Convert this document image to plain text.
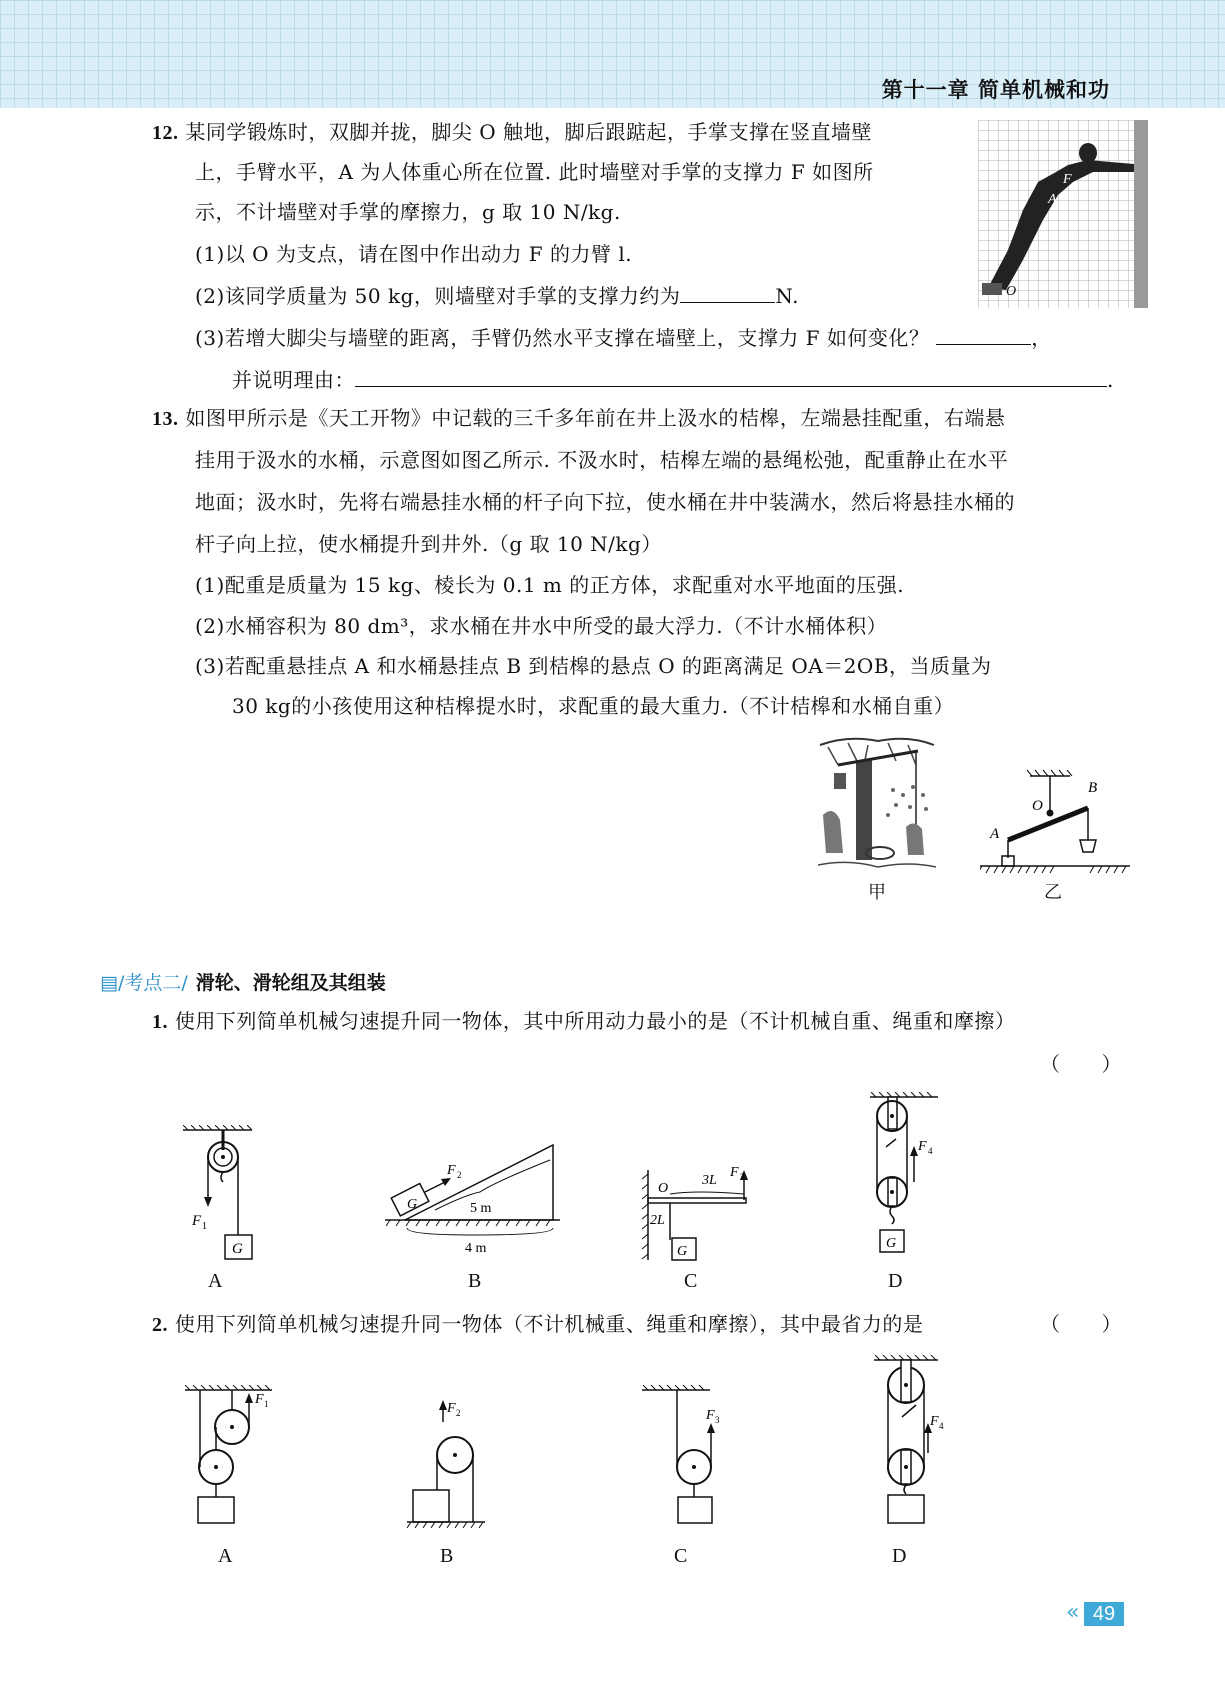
第十一章 简单机械和功
12. 某同学锻炼时，双脚并拢，脚尖 O 触地，脚后跟踮起，手掌支撑在竖直墙壁
上，手臂水平，A 为人体重心所在位置. 此时墙壁对手掌的支撑力 F 如图所
示，不计墙壁对手掌的摩擦力，g 取 10 N/kg.
(1)以 O 为支点，请在图中作出动力 F 的力臂 l.
(2)该同学质量为 50 kg，则墙壁对手掌的支撑力约为	N.
(3)若增大脚尖与墙壁的距离，手臂仍然水平支撑在墙壁上，支撑力 F 如何变化？	，
并说明理由：	.
F
A
O
13. 如图甲所示是《天工开物》中记载的三千多年前在井上汲水的桔槔，左端悬挂配重，右端悬
挂用于汲水的水桶，示意图如图乙所示. 不汲水时，桔槔左端的悬绳松弛，配重静止在水平
地面；汲水时，先将右端悬挂水桶的杆子向下拉，使水桶在井中装满水，然后将悬挂水桶的
杆子向上拉，使水桶提升到井外.（g 取 10 N/kg）
(1)配重是质量为 15 kg、棱长为 0.1 m 的正方体，求配重对水平地面的压强.
(2)水桶容积为 80 dm³，求水桶在井水中所受的最大浮力.（不计水桶体积）
(3)若配重悬挂点 A 和水桶悬挂点 B 到桔槔的悬点 O 的距离满足 OA＝2OB，当质量为
30 kg的小孩使用这种桔槔提水时，求配重的最大重力.（不计桔槔和水桶自重）
甲
A
O
B
乙
▤/考点二/ 滑轮、滑轮组及其组装
1. 使用下列简单机械匀速提升同一物体，其中所用动力最小的是（不计机械自重、绳重和摩擦）
（　　）
G
F 1
A
G
F 2
5 m
4 m
B
O
3L
F 3
2L
G
C
F 4
G
D
2. 使用下列简单机械匀速提升同一物体（不计机械重、绳重和摩擦），其中最省力的是	（　　）
F 1
A
F 2
B
F 3
C
F 4
D
« 49
